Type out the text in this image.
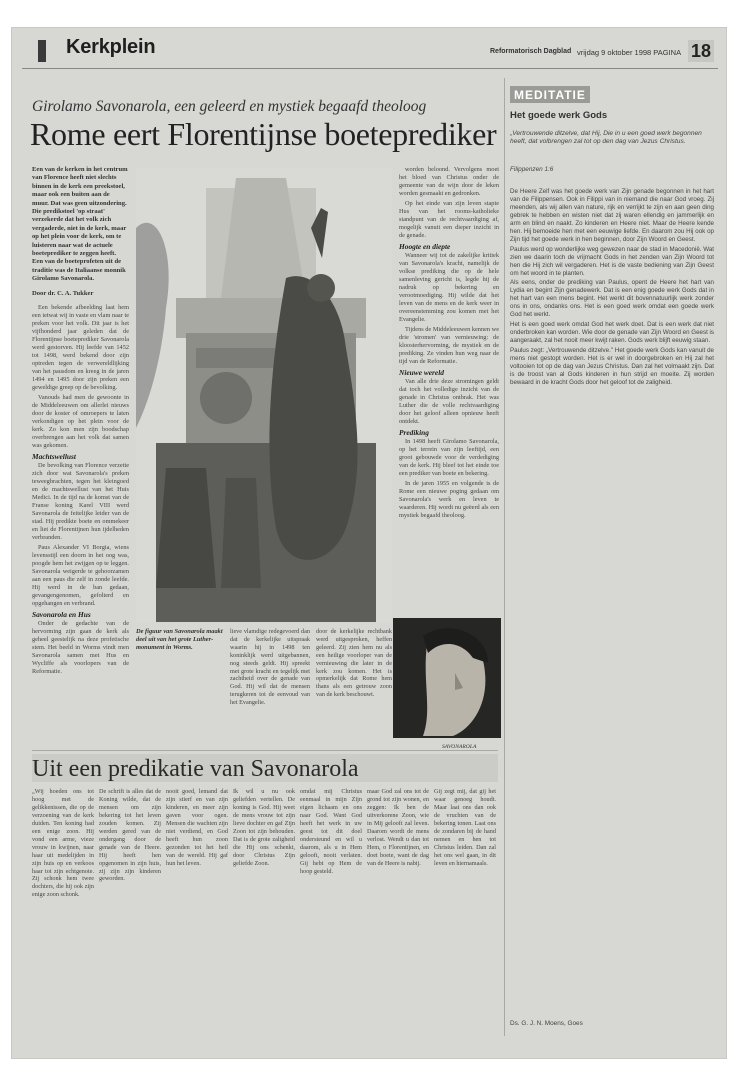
Kerkplein	Reformatorisch Dagblad vrijdag 9 oktober 1998 PAGINA 18
Girolamo Savonarola, een geleerd en mystiek begaafd theoloog
Rome eert Florentijnse boeteprediker
Een van de kerken in het centrum van Florence heeft niet slechts binnen in de kerk een preekstoel, maar ook een buiten aan de muur. Dat was geen uitzondering. Die predikstoel 'op straat' verzekerde dat het volk zich vergaderde, niet in de kerk, maar op het plein voor de kerk, om te luisteren naar wat de actuele boeteprediker te zeggen heeft. Een van de boeteprofeten uit de traditie was de Italiaanse monnik Girolamo Savonarola.
Door dr. C. A. Tukker

Een bekende afbeelding laat hem een ietwat wij in vaste en vlam naar te preken voor het volk. Dit jaar is het vijfhonderd jaar geleden dat de Florentijnse boeteprediker Savonarola werd gestorven. Hij leefde van 1452 tot 1498, werd bekend door zijn optreden tegen de verwereldlijking van het pausdom en kreeg in de jaren 1494 en 1495 door zijn preken een geweldige greep op de bevolking.

Vanouds had men de gewoonte in de Middeleeuwen om allerlei nieuws door de koster of omroepers te laten verkondigen op het plein voor de kerk. Zo kon men zijn boodschap overbrengen aan het volk dat samen was gekomen.

Machtswellust

De bevolking van Florence verzette zich door wat Savonarola's preken teweegbrachten, tegen het kleingoed en de machtswellust van het Huis Medici. In de tijd na de komst van de Franse koning Karel VIII werd Savonarola de feitelijke leider van de stad. Hij predikte boete en ommekeer en liet de Florentijnen hun ijdelheden verbranden.

Paus Alexander VI Borgia, wiens levensstijl een doorn in het oog was, poogde hem het zwijgen op te leggen. Savonarola weigerde te gehoorzamen aan een paus die zelf in zonde leefde. Hij werd in de ban gedaan, gevangengenomen, gefolterd en opgehangen en verbrand.

Savonarola en Hus

Onder de gedachte van de hervorming zijn gaan de kerk als geheel geestelijk na deze profetische stem. Het beeld in Worms vindt men Savonarola samen met Hus en Wycliffe als voorlopers van de Reformatie.

De figuur van Savonarola maakt deel uit van het grote Luther-monument in Worms.
lieve vlamdige redegevoerd dan dat de kerkelijke uitspraak waarin hij in 1498 ten koninklijk werd uitgebannen, nog steeds geldt. Hij spreekt met grote kracht en tegelijk met zachtheid over de genade van God. Hij wil dat de mensen terugkeren tot de eenvoud van het Evangelie.
door de kerkelijke rechtbank werd uitgesproken, heffen geleerd. Zij zien hem nu als een heilige voorloper van de vernieuwing die later in de kerk zou komen. Het is opmerkelijk dat Rome hem thans als een getrouw zoon van de kerk beschouwt.

worden beloond. Vervolgens moet het bloed van Christus onder de gemeente van de wijn door de leken worden gesmaakt en gedronken.

Op het einde van zijn leven stapte Hus van het rooms-katholieke standpunt van de rechtvaardiging af, mogelijk vanuit een dieper inzicht in de genade.

Hoogte en diepte

Wanneer wij tot de zakelijke kritiek van Savonarola's kracht, namelijk de volkse prediking die op de hele samenleving gericht is, legde hij de nadruk op bekering en verootmoediging. Hij wilde dat het leven van de mens en de kerk weer in overeenstemming zou komen met het Evangelie.

Tijdens de Middeleeuwen kennen we drie 'stromen' van vernieuwing: de kloosterhervorming, de mystiek en de prediking. Ze vinden hun weg naar de tijd van de Reformatie.

Nieuwe wereld

Van alle drie deze stromingen geldt dat toch het volledige inzicht van de genade in Christus ontbrak. Het was Luther die de volle rechtvaardiging door het geloof alleen opnieuw heeft ontdekt.

Prediking

In 1498 heeft Girolamo Savonarola, op het terrein van zijn leeftijd, een groot gebouwde voor de verdediging van de kerk. Hij bleef tot het einde toe een prediker van boete en bekering.

In de jaren 1955 en volgende is de Rome een nieuwe poging gedaan om Savonarola's werk en leven te waarderen. Hij wordt nu geëerd als een mystiek begaafd theoloog.

SAVONAROLA
MEDITATIE
Het goede werk Gods
„Vertrouwende ditzelve, dat Hij, Die in u een goed werk begonnen heeft, dat volbrengen zal tot op den dag van Jezus Christus.
Filippenzen 1:6

De Heere Zelf was het goede werk van Zijn genade begonnen in het hart van de Filippensen. Ook in Filippi van in niemand die naar God vroeg. Zij meenden, als wij allen van nature, rijk en verrijkt te zijn en aan geen ding gebrek te hebben en wisten niet dat zij waren ellendig en jammerlijk en arm en blind en naakt. Zo kinderen en Heere niet. Maar de Heere kende hen. Hij bemoeide hen met een eeuwige liefde. En daarom zou Hij ook op Zijn tijd het goede werk in hen beginnen, door Zijn Woord en Geest.

Paulus werd op wonderlijke weg gewezen naar de stad in Macedonië. Wat zien we daarin toch de vrijmacht Gods in het zenden van Zijn Woord tot hen die Hij zich wil vergaderen. Het is de vaste bediening van Zijn Geest om het woord in te planten.

Als eens, onder de prediking van Paulus, opent de Heere het hart van Lydia en begint Zijn genadewerk. Dat is een enig goede werk Gods dat in het hart van een mens begint. Het werkt dit bovennatuurlijk werk zonder ons in ons, ondanks ons. Het is een goed werk omdat een goede werk God het werkt.

Het is een goed werk omdat God het werk doet. Dat is een werk dat niet onderbroken kan worden. Wie door de genade van Zijn Woord en Geest is aangeraakt, zal het nooit meer kwijt raken. Gods werk blijft eeuwig staan.

Paulus zegt: „Vertrouwende ditzelve." Het goede werk Gods kan vanuit de mens niet gestopt worden. Het is er wel in doorgebroken en Hij zal het voltooien tot op de dag van Jezus Christus. Dan zal het volmaakt zijn. Dat is de troost van al Gods kinderen in hun strijd en moeite. Zij worden bewaard in de kracht Gods door het geloof tot de zaligheid.

Ds. G. J. N. Moens, Goes
Uit een predikatie van Savonarola
„Wij hoeden ons tot hoog met de gelikkenissen, die op de verzoening van de kerk duiden. Ten koning had een enige zoon. Hij vond een arme, vieze vrouw in kwijnen, naar haar uit medelijden in zijn huis op en verkoos haar tot zijn echtgenote. Zij schonk hem twee dochters, die hij ook zijn enige zoon schonk.
De schrift is alles dat de Koning wilde, dat de mensen om zijn bekering tot het leven zouden komen. Zij werden gered van de ondergang door de genade van de Heere. Hij heeft hen opgenomen in zijn huis, zij zijn zijn kinderen geworden.
nooit goed, lemand dat zijn stierf en van zijn kinderen, en meer zijn gaven voor ogen. Mensen die wachten zijn niet verdiend, en God heeft hun zoon gezonden tot het heil van de wereld. Hij gaf hun het leven.
Ik wil u nu ook geliefden vertellen. De koning is God. Hij weet de mens vrouw tot zijn lieve dochter en gaf Zijn Zoon tot zijn behouden. Dat is de grote zaligheid die Hij ons schenkt, door Christus Zijn geliefde Zoon.
omdat mij Christus eenmaal in mijn Zijn eigen lichaam en ons naar God. Want God heeft het werk in uw geest tot dit doel ondersteund en wil u daarom, als u in Hem gelooft, nooit verlaten. Gij hebt op Hem de hoop gesteld.
maar God zal ons tot de grond tot zijn wonen, en zeggen: Ik ben de uitverkorene Zoon, wie in Mij gelooft zal leven. Daarom wordt de mens verlost. Wendt u dan tot Hem, o Florentijnen, en doet boete, want de dag van de Heere is nabij.
Gij zegt mij, dat gij het waar genoeg houdt. Maar laat ons dan ook de vruchten van de bekering tonen. Laat ons de zondaren bij de hand nemen en hen tot Christus leiden. Dan zal het ons wel gaan, in dit leven en hiernamaals.
